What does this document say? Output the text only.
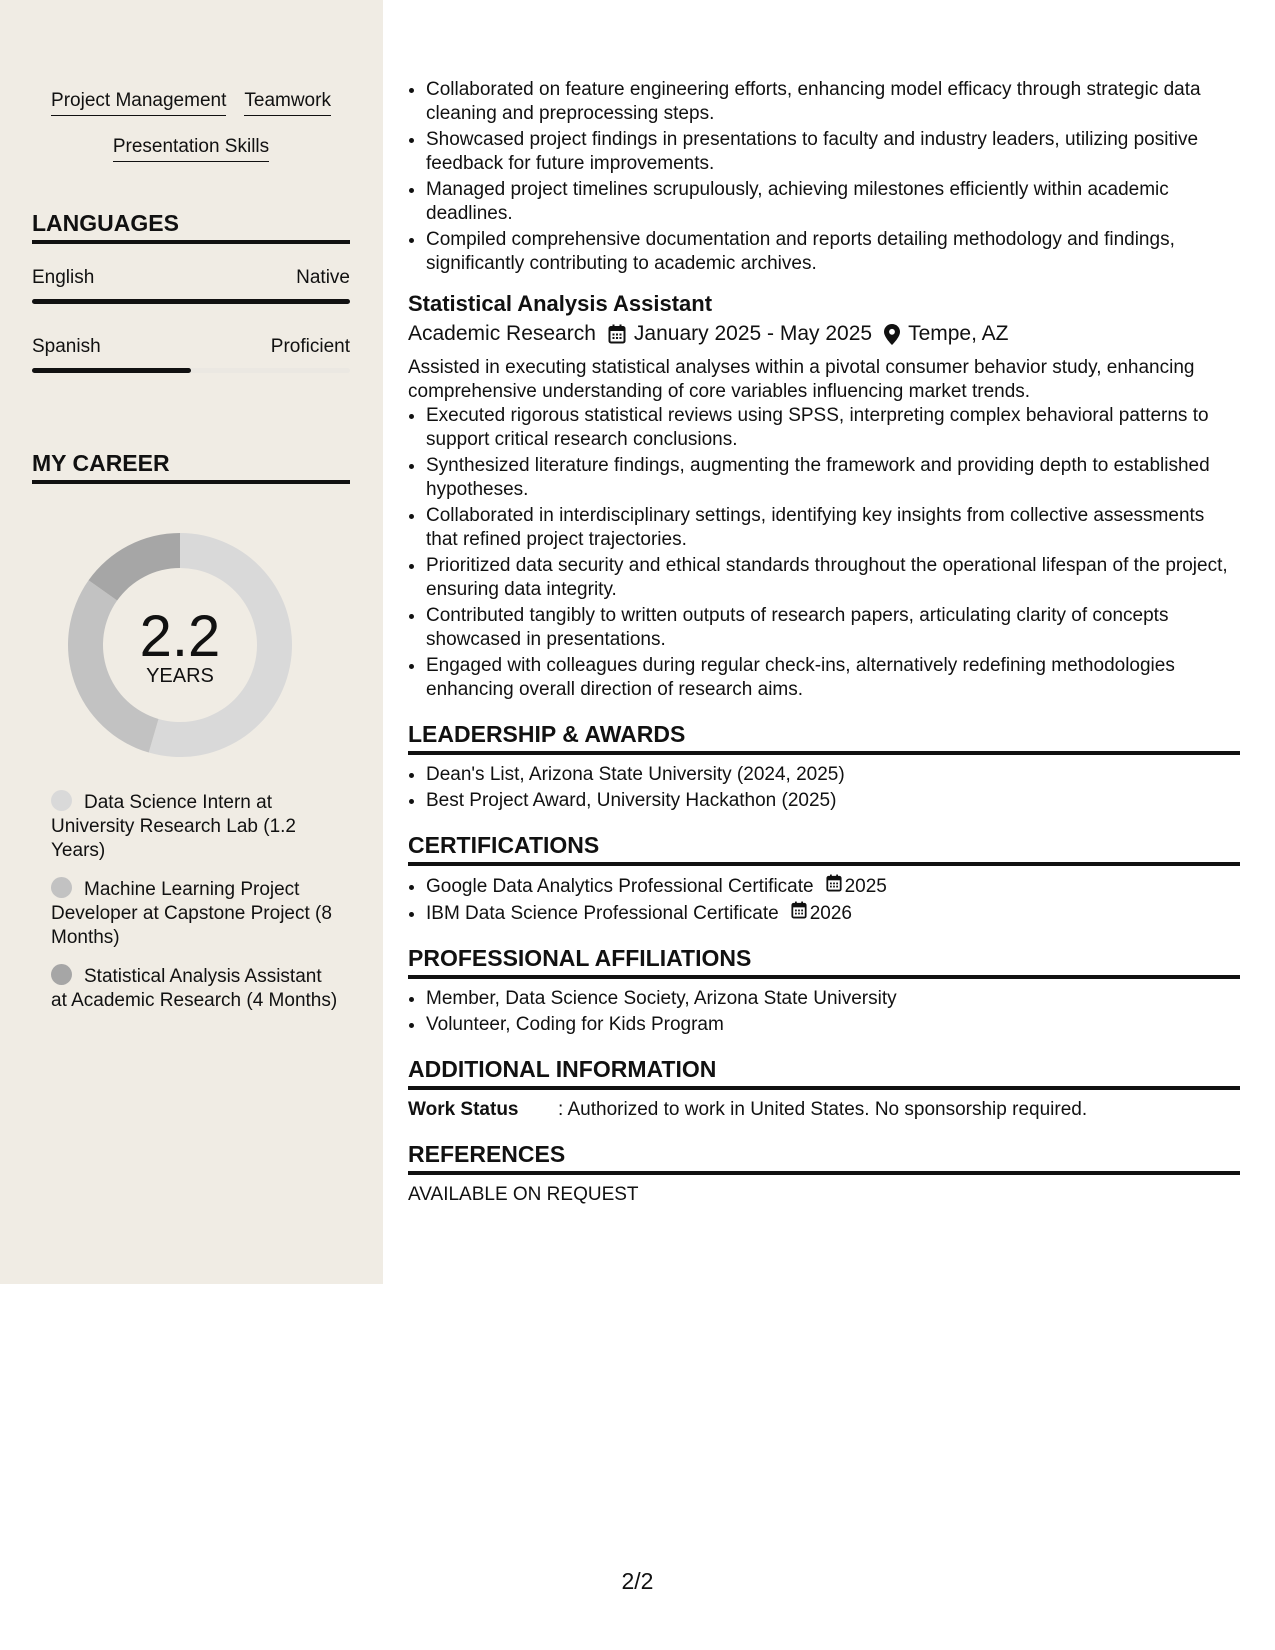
Project Management Teamwork
Presentation Skills
LANGUAGES
English	Native
Spanish	Proficient
MY CAREER
2.2
YEARS
Data Science Intern at University Research Lab (1.2 Years)
Machine Learning Project Developer at Capstone Project (8 Months)
Statistical Analysis Assistant at Academic Research (4 Months)
• Collaborated on feature engineering efforts, enhancing model efficacy through strategic data cleaning and preprocessing steps.
• Showcased project findings in presentations to faculty and industry leaders, utilizing positive feedback for future improvements.
• Managed project timelines scrupulously, achieving milestones efficiently within academic deadlines.
• Compiled comprehensive documentation and reports detailing methodology and findings, significantly contributing to academic archives.
Statistical Analysis Assistant
Academic Research January 2025 - May 2025 Tempe, AZ
Assisted in executing statistical analyses within a pivotal consumer behavior study, enhancing comprehensive understanding of core variables influencing market trends.
• Executed rigorous statistical reviews using SPSS, interpreting complex behavioral patterns to support critical research conclusions.
• Synthesized literature findings, augmenting the framework and providing depth to established hypotheses.
• Collaborated in interdisciplinary settings, identifying key insights from collective assessments that refined project trajectories.
• Prioritized data security and ethical standards throughout the operational lifespan of the project, ensuring data integrity.
• Contributed tangibly to written outputs of research papers, articulating clarity of concepts showcased in presentations.
• Engaged with colleagues during regular check-ins, alternatively redefining methodologies enhancing overall direction of research aims.
LEADERSHIP & AWARDS
• Dean's List, Arizona State University (2024, 2025)
• Best Project Award, University Hackathon (2025)
CERTIFICATIONS
• Google Data Analytics Professional Certificate 2025
• IBM Data Science Professional Certificate 2026
PROFESSIONAL AFFILIATIONS
• Member, Data Science Society, Arizona State University
• Volunteer, Coding for Kids Program
ADDITIONAL INFORMATION
Work Status	: Authorized to work in United States. No sponsorship required.
REFERENCES
AVAILABLE ON REQUEST
2/2
